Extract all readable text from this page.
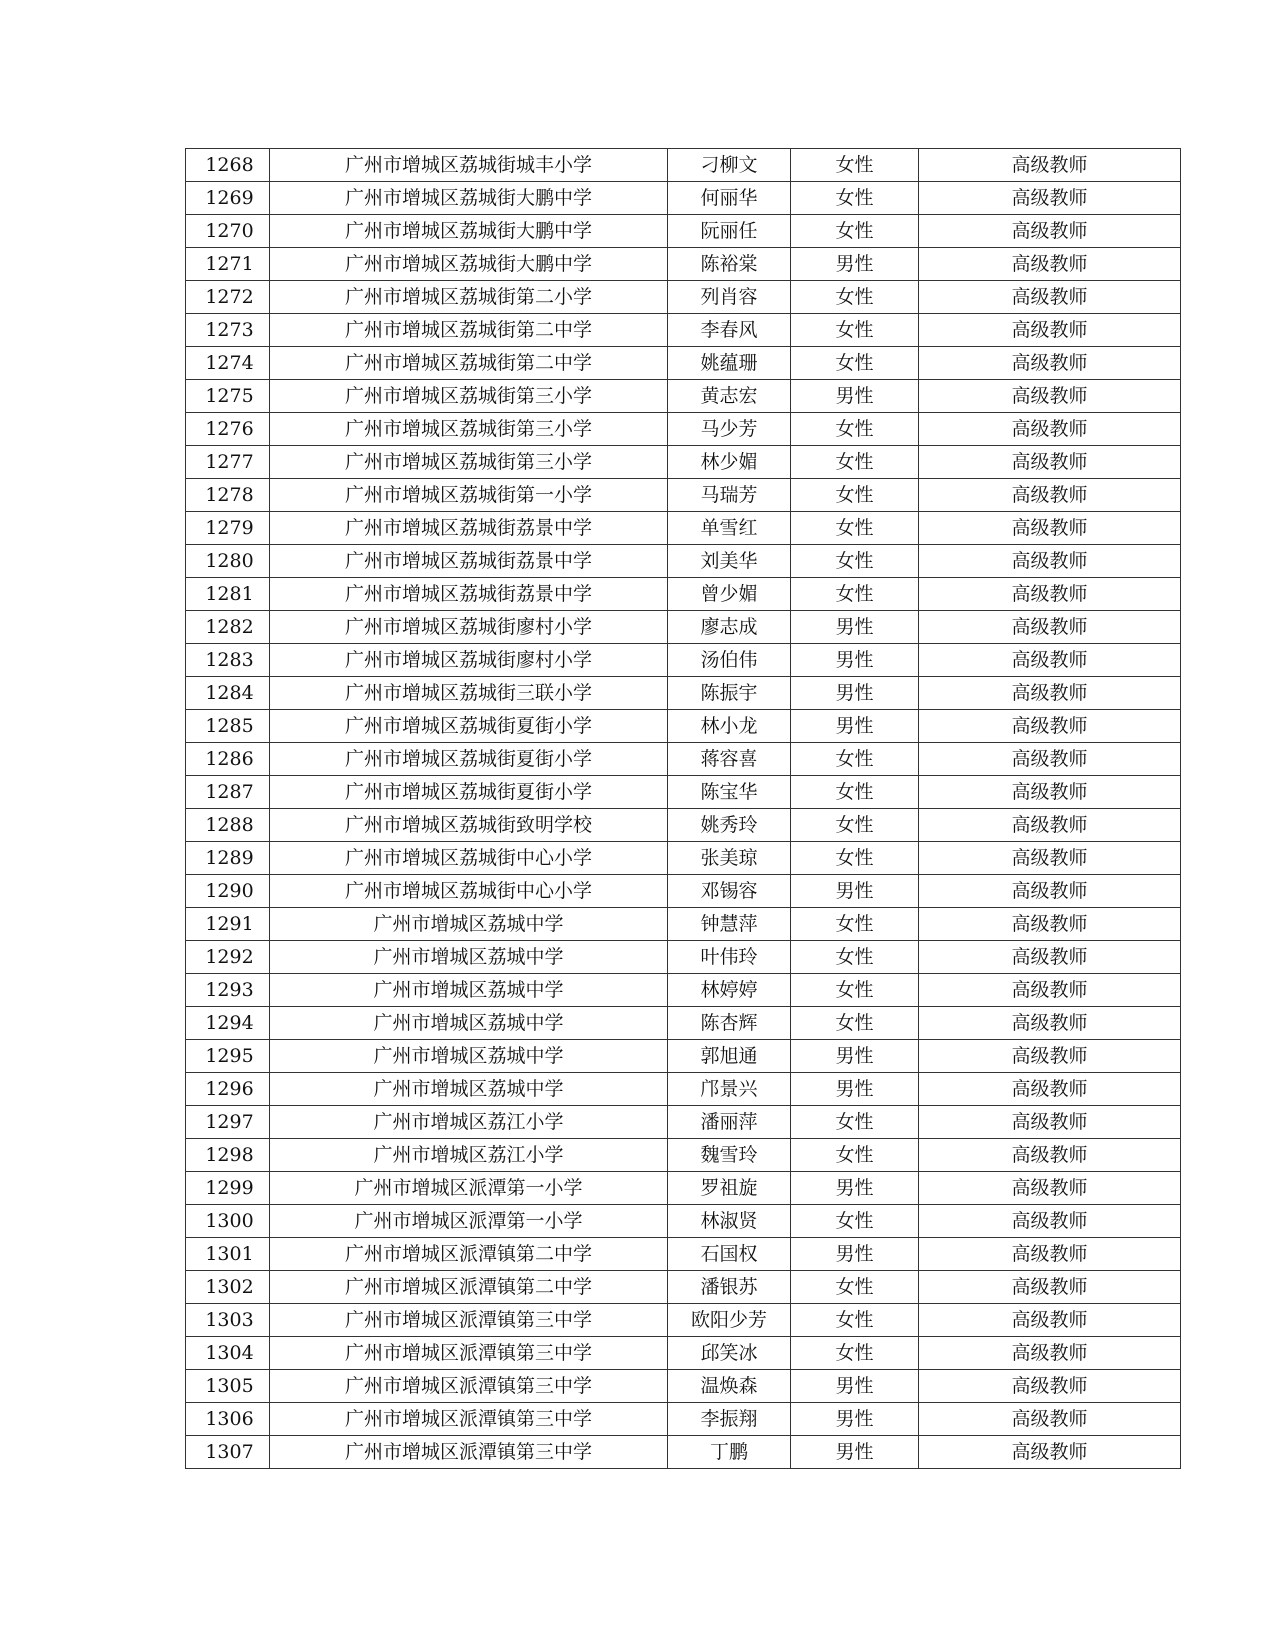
1268	广州市增城区荔城街城丰小学	刁柳文	女性	高级教师
1269	广州市增城区荔城街大鹏中学	何丽华	女性	高级教师
1270	广州市增城区荔城街大鹏中学	阮丽任	女性	高级教师
1271	广州市增城区荔城街大鹏中学	陈裕棠	男性	高级教师
1272	广州市增城区荔城街第二小学	列肖容	女性	高级教师
1273	广州市增城区荔城街第二中学	李春风	女性	高级教师
1274	广州市增城区荔城街第二中学	姚蕴珊	女性	高级教师
1275	广州市增城区荔城街第三小学	黄志宏	男性	高级教师
1276	广州市增城区荔城街第三小学	马少芳	女性	高级教师
1277	广州市增城区荔城街第三小学	林少媚	女性	高级教师
1278	广州市增城区荔城街第一小学	马瑞芳	女性	高级教师
1279	广州市增城区荔城街荔景中学	单雪红	女性	高级教师
1280	广州市增城区荔城街荔景中学	刘美华	女性	高级教师
1281	广州市增城区荔城街荔景中学	曾少媚	女性	高级教师
1282	广州市增城区荔城街廖村小学	廖志成	男性	高级教师
1283	广州市增城区荔城街廖村小学	汤伯伟	男性	高级教师
1284	广州市增城区荔城街三联小学	陈振宇	男性	高级教师
1285	广州市增城区荔城街夏街小学	林小龙	男性	高级教师
1286	广州市增城区荔城街夏街小学	蒋容喜	女性	高级教师
1287	广州市增城区荔城街夏街小学	陈宝华	女性	高级教师
1288	广州市增城区荔城街致明学校	姚秀玲	女性	高级教师
1289	广州市增城区荔城街中心小学	张美琼	女性	高级教师
1290	广州市增城区荔城街中心小学	邓锡容	男性	高级教师
1291	广州市增城区荔城中学	钟慧萍	女性	高级教师
1292	广州市增城区荔城中学	叶伟玲	女性	高级教师
1293	广州市增城区荔城中学	林婷婷	女性	高级教师
1294	广州市增城区荔城中学	陈杏辉	女性	高级教师
1295	广州市增城区荔城中学	郭旭通	男性	高级教师
1296	广州市增城区荔城中学	邝景兴	男性	高级教师
1297	广州市增城区荔江小学	潘丽萍	女性	高级教师
1298	广州市增城区荔江小学	魏雪玲	女性	高级教师
1299	广州市增城区派潭第一小学	罗祖旋	男性	高级教师
1300	广州市增城区派潭第一小学	林淑贤	女性	高级教师
1301	广州市增城区派潭镇第二中学	石国权	男性	高级教师
1302	广州市增城区派潭镇第二中学	潘银苏	女性	高级教师
1303	广州市增城区派潭镇第三中学	欧阳少芳	女性	高级教师
1304	广州市增城区派潭镇第三中学	邱笑冰	女性	高级教师
1305	广州市增城区派潭镇第三中学	温焕森	男性	高级教师
1306	广州市增城区派潭镇第三中学	李振翔	男性	高级教师
1307	广州市增城区派潭镇第三中学	丁鹏	男性	高级教师
